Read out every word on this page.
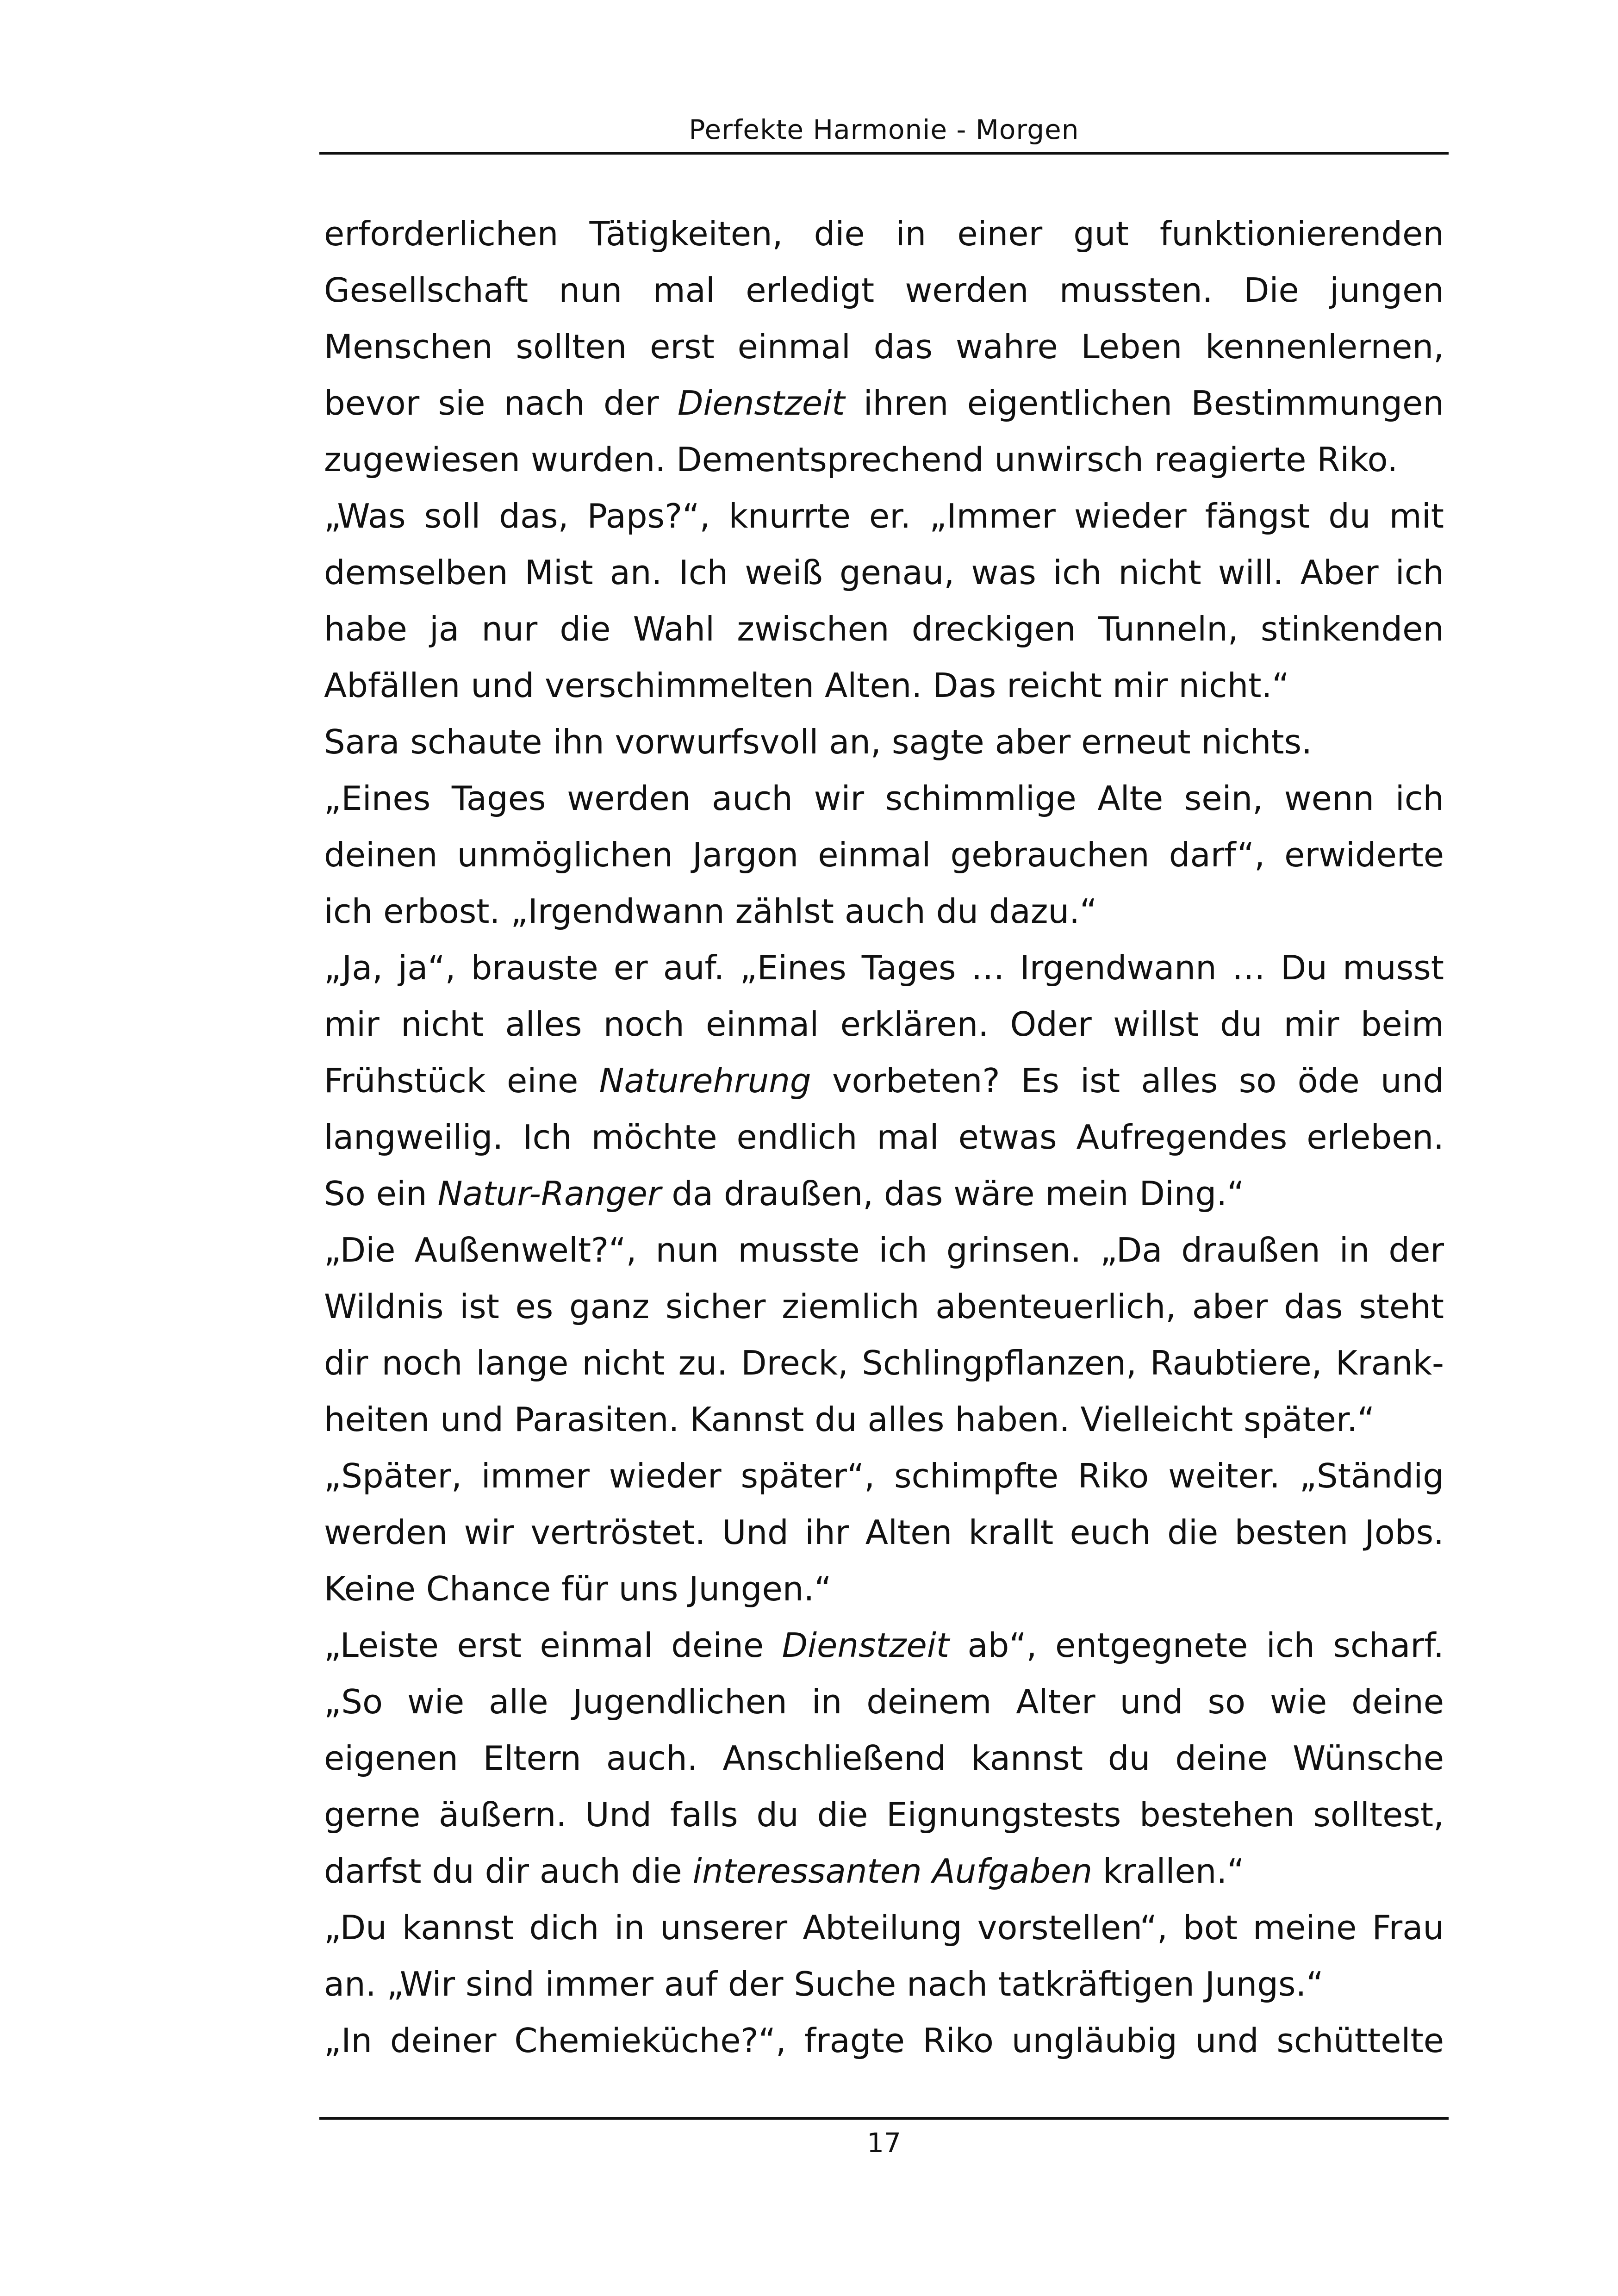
Perfekte Harmonie - Morgen
erforderlichen Tätigkeiten, die in einer gut funktionierenden
Gesellschaft nun mal erledigt werden mussten. Die jungen
Menschen sollten erst einmal das wahre Leben kennenlernen,
bevor sie nach der Dienstzeit ihren eigentlichen Bestimmungen
zugewiesen wurden. Dementsprechend unwirsch reagierte Riko.
„Was soll das, Paps?“, knurrte er. „Immer wieder fängst du mit
demselben Mist an. Ich weiß genau, was ich nicht will. Aber ich
habe ja nur die Wahl zwischen dreckigen Tunneln, stinkenden
Abfällen und verschimmelten Alten. Das reicht mir nicht.“
Sara schaute ihn vorwurfsvoll an, sagte aber erneut nichts.
„Eines Tages werden auch wir schimmlige Alte sein, wenn ich
deinen unmöglichen Jargon einmal gebrauchen darf“, erwiderte
ich erbost. „Irgendwann zählst auch du dazu.“
„Ja, ja“, brauste er auf. „Eines Tages … Irgendwann … Du musst
mir nicht alles noch einmal erklären. Oder willst du mir beim
Frühstück eine Naturehrung vorbeten? Es ist alles so öde und
langweilig. Ich möchte endlich mal etwas Aufregendes erleben.
So ein Natur-Ranger da draußen, das wäre mein Ding.“
„Die Außenwelt?“, nun musste ich grinsen. „Da draußen in der
Wildnis ist es ganz sicher ziemlich abenteuerlich, aber das steht
dir noch lange nicht zu. Dreck, Schlingpflanzen, Raubtiere, Krank-
heiten und Parasiten. Kannst du alles haben. Vielleicht später.“
„Später, immer wieder später“, schimpfte Riko weiter. „Ständig
werden wir vertröstet. Und ihr Alten krallt euch die besten Jobs.
Keine Chance für uns Jungen.“
„Leiste erst einmal deine Dienstzeit ab“, entgegnete ich scharf.
„So wie alle Jugendlichen in deinem Alter und so wie deine
eigenen Eltern auch. Anschließend kannst du deine Wünsche
gerne äußern. Und falls du die Eignungstests bestehen solltest,
darfst du dir auch die interessanten Aufgaben krallen.“
„Du kannst dich in unserer Abteilung vorstellen“, bot meine Frau
an. „Wir sind immer auf der Suche nach tatkräftigen Jungs.“
„In deiner Chemieküche?“, fragte Riko ungläubig und schüttelte
17
